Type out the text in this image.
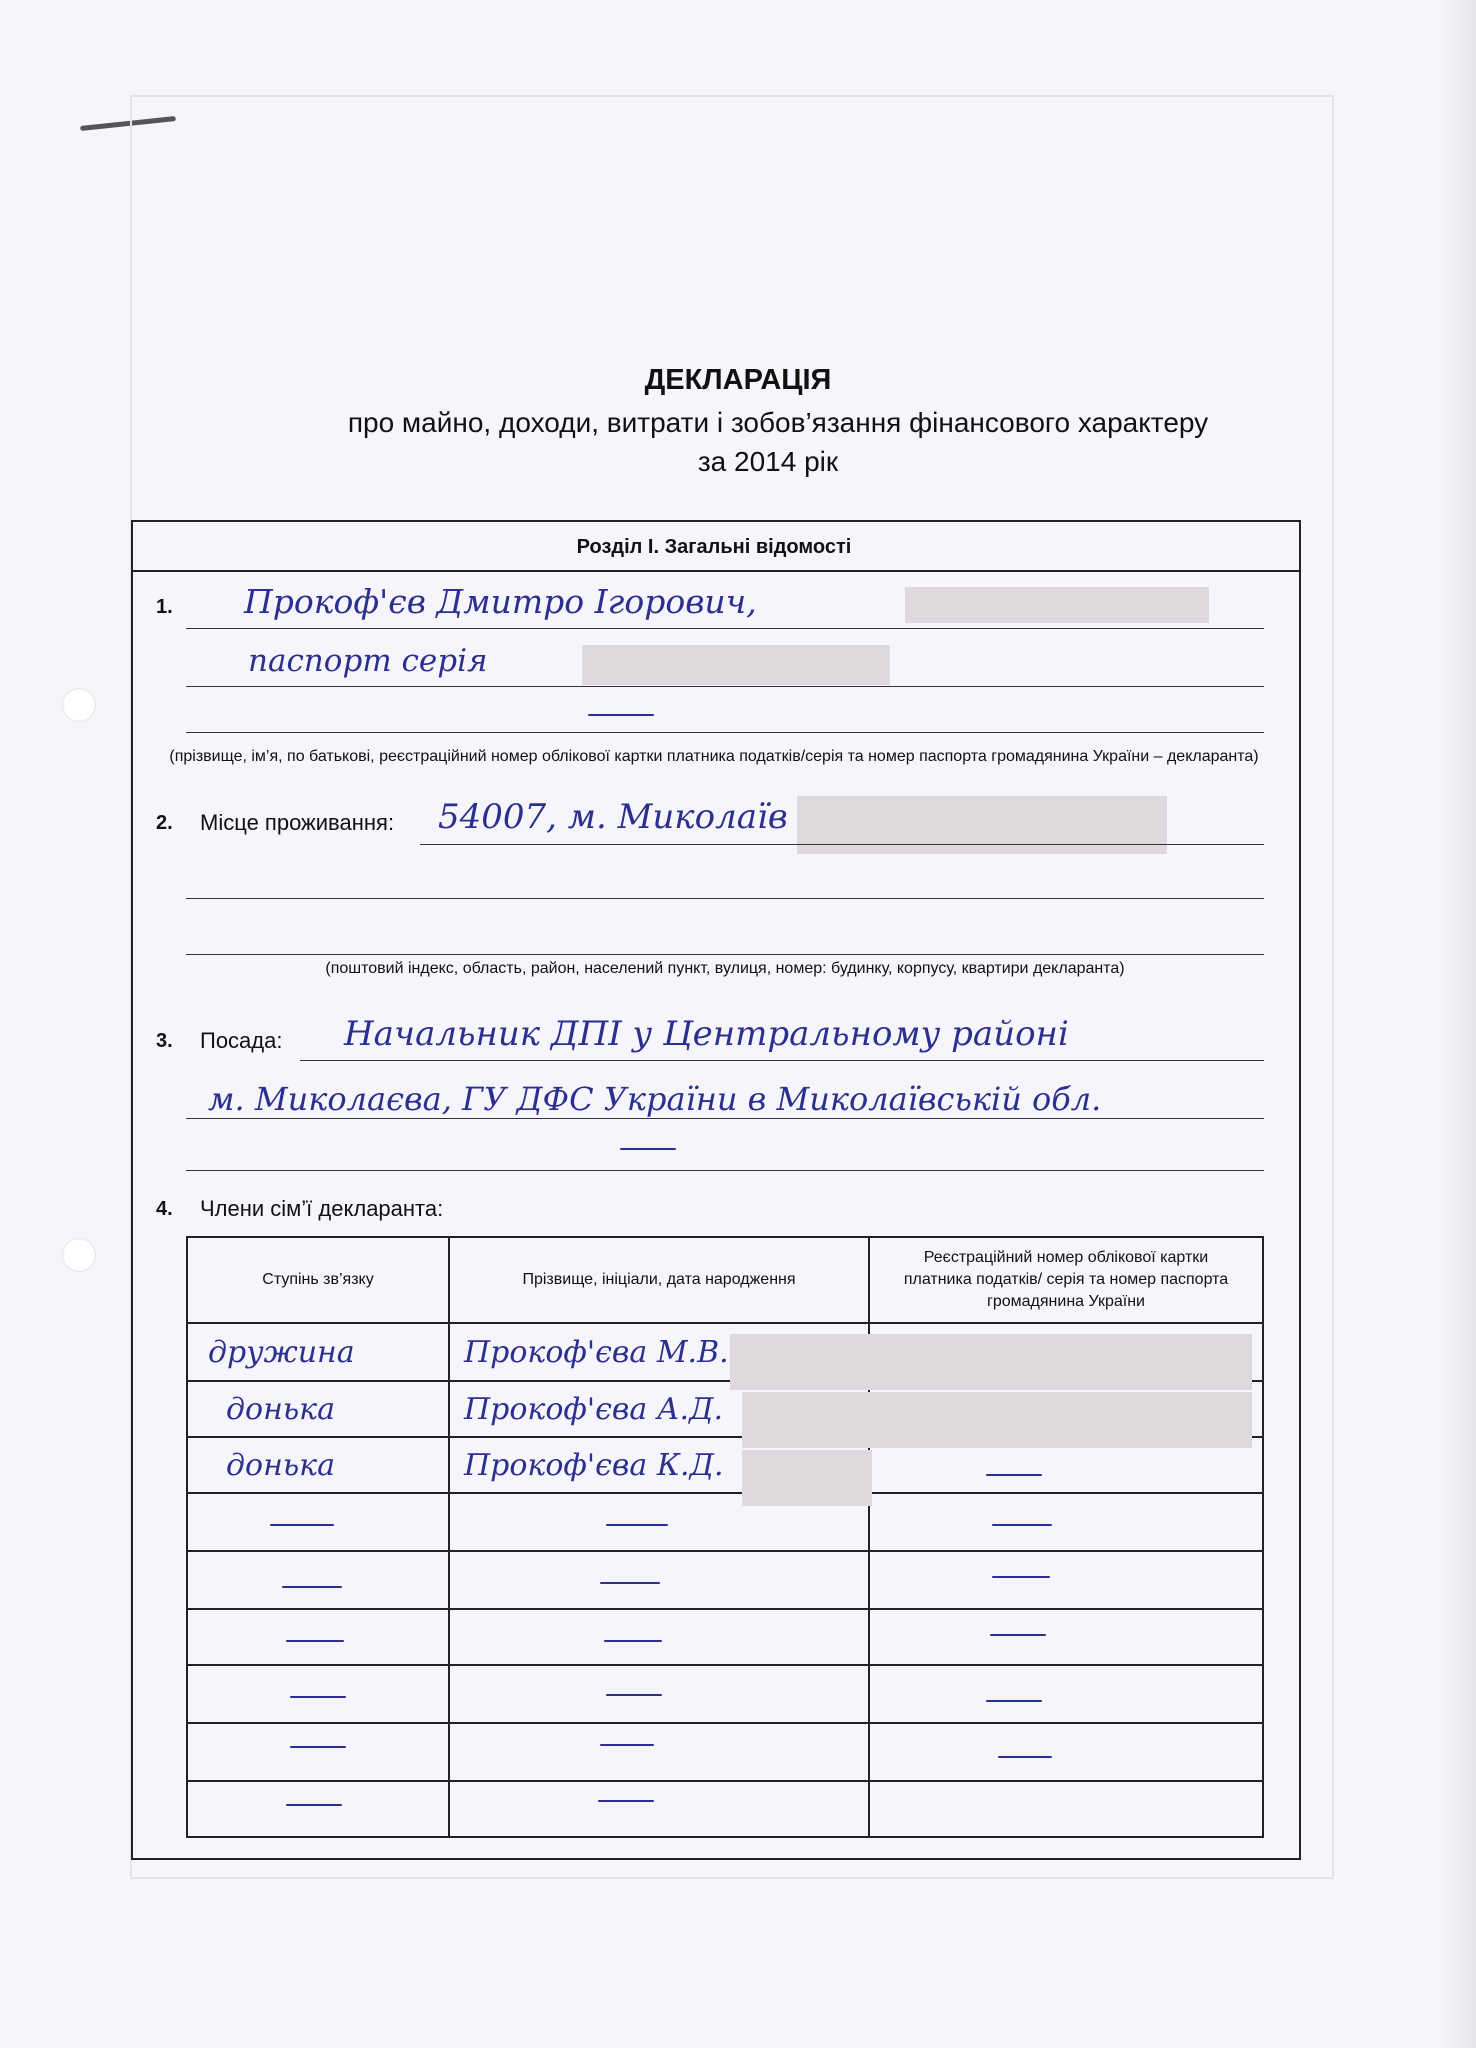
ДЕКЛАРАЦІЯ
про майно, доходи, витрати і зобов’язання фінансового характеру
за 2014 рік
Розділ І. Загальні відомості
1. Прокоф'єв Дмитро Ігорович,
паспорт серія
(прізвище, ім’я, по батькові, реєстраційний номер облікової картки платника податків/серія та номер паспорта громадянина України – декларанта)
2. Місце проживання: 54007, м. Миколаїв
(поштовий індекс, область, район, населений пункт, вулиця, номер: будинку, корпусу, квартири декларанта)
3. Посада: Начальник ДПІ у Центральному районі
м. Миколаєва, ГУ ДФС України в Миколаївській обл.
4. Члени сім’ї декларанта:
Ступінь зв’язку	Прізвище, ініціали, дата народження	Реєстраційний номер облікової картки платника податків/ серія та номер паспорта громадянина України
дружина	Прокоф'єва М.В.	
донька	Прокоф'єва А.Д.	
донька	Прокоф'єва К.Д.	
